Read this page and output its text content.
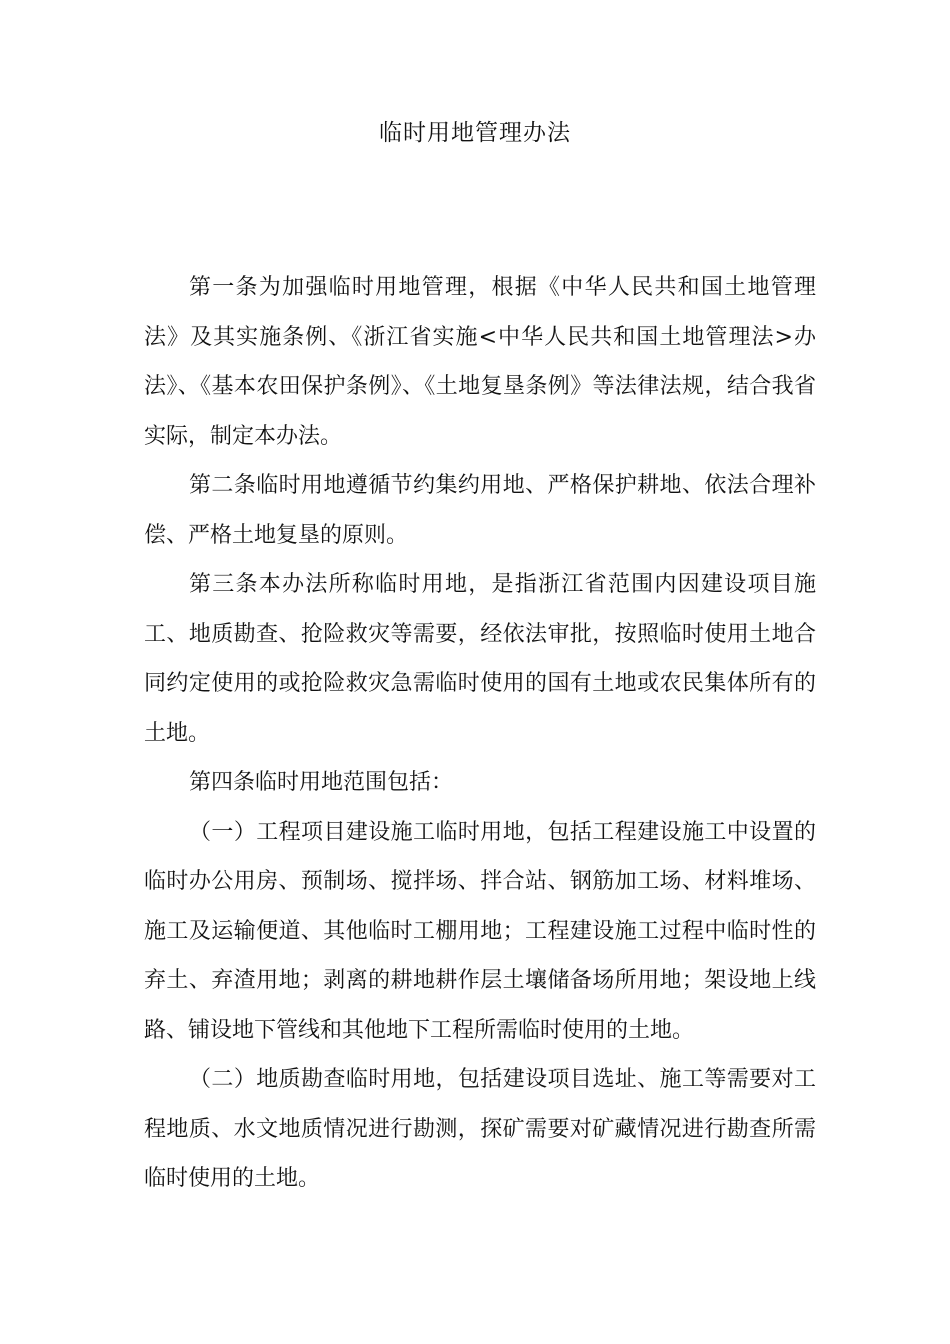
临时用地管理办法

第一条为加强临时用地管理，根据《中华人民共和国土地管理法》及其实施条例、《浙江省实施<中华人民共和国土地管理法>办法》、《基本农田保护条例》、《土地复垦条例》等法律法规，结合我省实际，制定本办法。

第二条临时用地遵循节约集约用地、严格保护耕地、依法合理补偿、严格土地复垦的原则。

第三条本办法所称临时用地，是指浙江省范围内因建设项目施工、地质勘查、抢险救灾等需要，经依法审批，按照临时使用土地合同约定使用的或抢险救灾急需临时使用的国有土地或农民集体所有的土地。

第四条临时用地范围包括：

（一）工程项目建设施工临时用地，包括工程建设施工中设置的临时办公用房、预制场、搅拌场、拌合站、钢筋加工场、材料堆场、施工及运输便道、其他临时工棚用地；工程建设施工过程中临时性的弃土、弃渣用地；剥离的耕地耕作层土壤储备场所用地；架设地上线路、铺设地下管线和其他地下工程所需临时使用的土地。

（二）地质勘查临时用地，包括建设项目选址、施工等需要对工程地质、水文地质情况进行勘测，探矿需要对矿藏情况进行勘查所需临时使用的土地。
